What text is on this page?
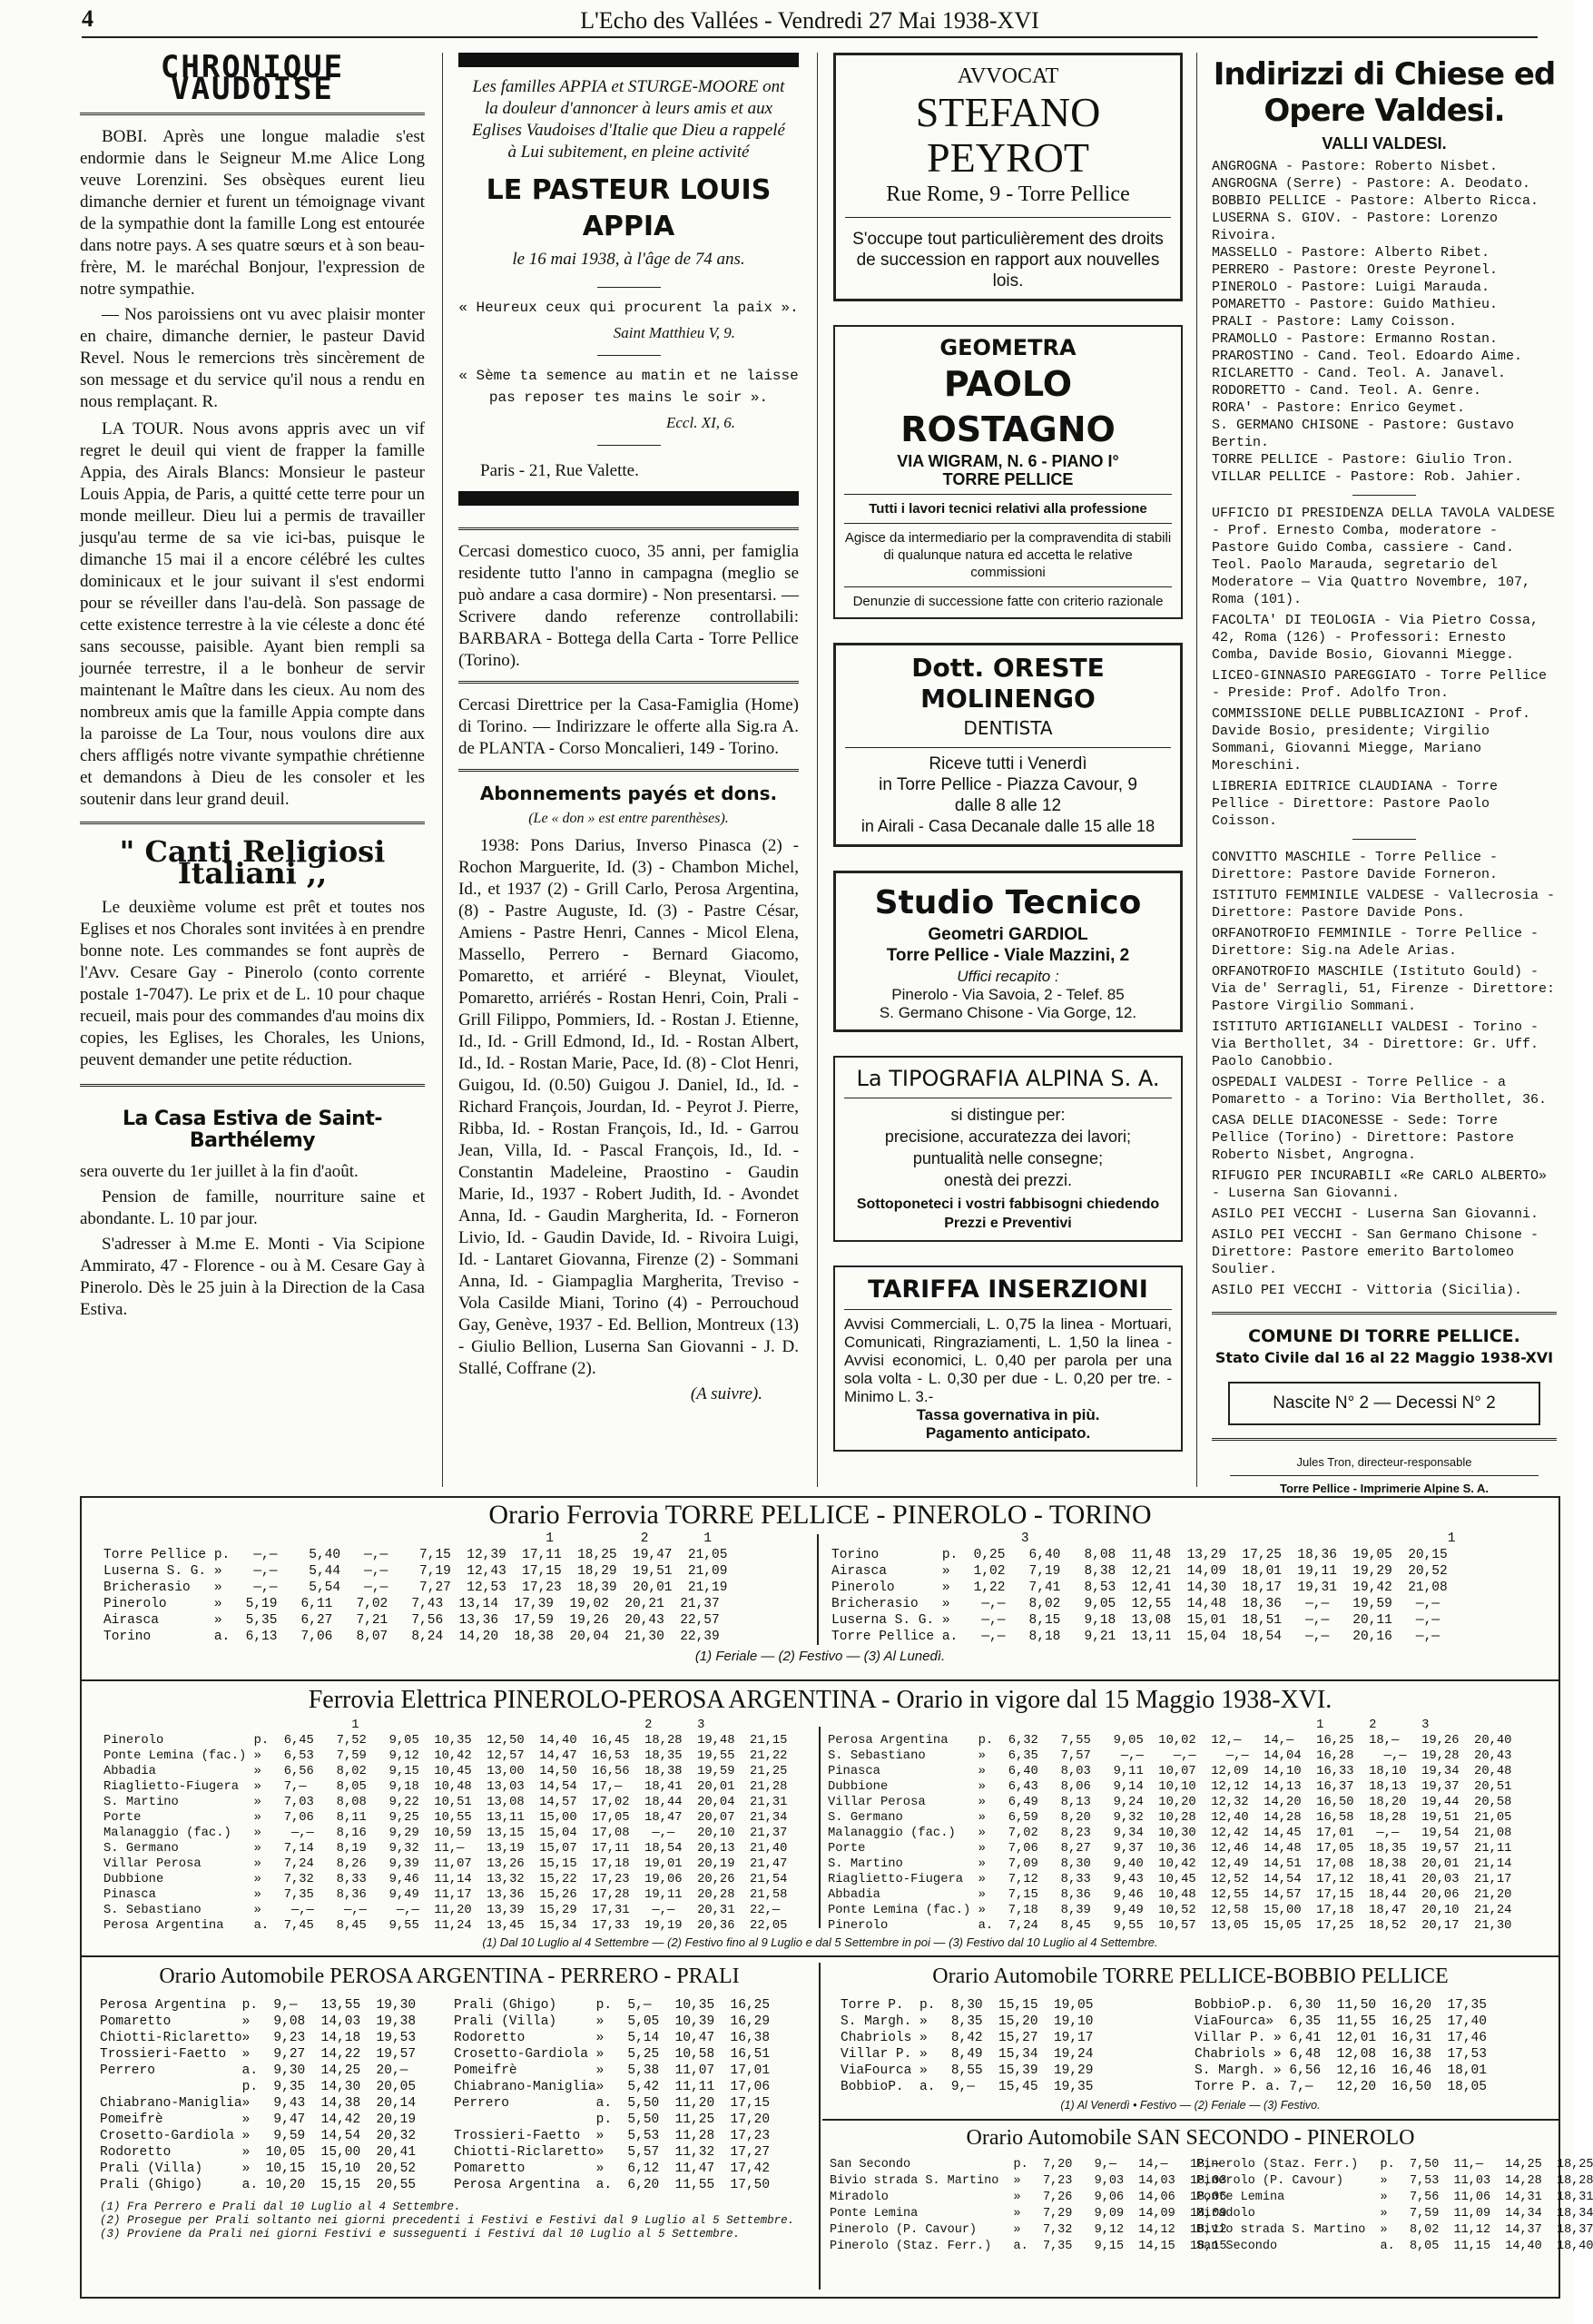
4	L'Echo des Vallées - Vendredi 27 Mai 1938-XVI
CHRONIQUE VAUDOISE

BOBI. Après une longue maladie s'est endormie dans le Seigneur M.me Alice Long veuve Lorenzini. Ses obsèques eurent lieu dimanche dernier et furent un témoignage vivant de la sympathie dont la famille Long est entourée dans notre pays. A ses quatre sœurs et à son beau-frère, M. le maréchal Bonjour, l'expression de notre sympathie.

— Nos paroissiens ont vu avec plaisir monter en chaire, dimanche dernier, le pasteur David Revel. Nous le remercions très sincèrement de son message et du service qu'il nous a rendu en nous remplaçant. R.

LA TOUR. Nous avons appris avec un vif regret le deuil qui vient de frapper la famille Appia, des Airals Blancs: Monsieur le pasteur Louis Appia, de Paris, a quitté cette terre pour un monde meilleur. Dieu lui a permis de travailler jusqu'au terme de sa vie ici-bas, puisque le dimanche 15 mai il a encore célébré les cultes dominicaux et le jour suivant il s'est endormi pour se réveiller dans l'au-delà. Son passage de cette existence terrestre à la vie céleste a donc été sans secousse, paisible. Ayant bien rempli sa journée terrestre, il a le bonheur de servir maintenant le Maître dans les cieux. Au nom des nombreux amis que la famille Appia compte dans la paroisse de La Tour, nous voulons dire aux chers affligés notre vivante sympathie chrétienne et demandons à Dieu de les consoler et les soutenir dans leur grand deuil.

" Canti Religiosi Italiani ,,

Le deuxième volume est prêt et toutes nos Eglises et nos Chorales sont invitées à en prendre bonne note. Les commandes se font auprès de l'Avv. Cesare Gay - Pinerolo (conto corrente postale 1-7047). Le prix et de L. 10 pour chaque recueil, mais pour des commandes d'au moins dix copies, les Eglises, les Chorales, les Unions, peuvent demander une petite réduction.

La Casa Estiva de Saint-Barthélemy

sera ouverte du 1er juillet à la fin d'août.

Pension de famille, nourriture saine et abondante. L. 10 par jour.

S'adresser à M.me E. Monti - Via Scipione Ammirato, 47 - Florence - ou à M. Cesare Gay à Pinerolo. Dès le 25 juin à la Direction de la Casa Estiva.

Les familles APPIA et STURGE-MOORE ont la douleur d'annoncer à leurs amis et aux Eglises Vaudoises d'Italie que Dieu a rappelé à Lui subitement, en pleine activité

LE PASTEUR LOUIS APPIA

le 16 mai 1938, à l'âge de 74 ans.

« Heureux ceux qui procurent la paix ».

Saint Matthieu V, 9.

« Sème ta semence au matin et ne laisse pas reposer tes mains le soir ».

Eccl. XI, 6.

Paris - 21, Rue Valette.

Cercasi domestico cuoco, 35 anni, per famiglia residente tutto l'anno in campagna (meglio se può andare a casa dormire) - Non presentarsi. — Scrivere dando referenze controllabili: BARBARA - Bottega della Carta - Torre Pellice (Torino).

Cercasi Direttrice per la Casa-Famiglia (Home) di Torino. — Indirizzare le offerte alla Sig.ra A. de PLANTA - Corso Moncalieri, 149 - Torino.

Abonnements payés et dons.

(Le « don » est entre parenthèses).

1938: Pons Darius, Inverso Pinasca (2) - Rochon Marguerite, Id. (3) - Chambon Michel, Id., et 1937 (2) - Grill Carlo, Perosa Argentina, (8) - Pastre Auguste, Id. (3) - Pastre César, Amiens - Pastre Henri, Cannes - Micol Elena, Massello, Perrero - Bernard Giacomo, Pomaretto, et arriéré - Bleynat, Vioulet, Pomaretto, arriérés - Rostan Henri, Coin, Prali - Grill Filippo, Pommiers, Id. - Rostan J. Etienne, Id., Id. - Grill Edmond, Id., Id. - Rostan Albert, Id., Id. - Rostan Marie, Pace, Id. (8) - Clot Henri, Guigou, Id. (0.50) Guigou J. Daniel, Id., Id. - Richard François, Jourdan, Id. - Peyrot J. Pierre, Ribba, Id. - Rostan François, Id., Id. - Garrou Jean, Villa, Id. - Pascal François, Id., Id. - Constantin Madeleine, Praostino - Gaudin Marie, Id., 1937 - Robert Judith, Id. - Avondet Anna, Id. - Gaudin Margherita, Id. - Forneron Livio, Id. - Gaudin Davide, Id. - Rivoira Luigi, Id. - Lantaret Giovanna, Firenze (2) - Sommani Anna, Id. - Giampaglia Margherita, Treviso - Vola Casilde Miani, Torino (4) - Perrouchoud Gay, Genève, 1937 - Ed. Bellion, Montreux (13) - Giulio Bellion, Luserna San Giovanni - J. D. Stallé, Coffrane (2).

(A suivre).

AVVOCAT
STEFANO PEYROT
Rue Rome, 9 - Torre Pellice
S'occupe tout particulièrement des droits de succession en rapport aux nouvelles lois.
GEOMETRA
PAOLO ROSTAGNO
VIA WIGRAM, N. 6 - PIANO I°
TORRE PELLICE
Tutti i lavori tecnici relativi alla professione
Agisce da intermediario per la compravendita di stabili di qualunque natura ed accetta le relative commissioni
Denunzie di successione fatte con criterio razionale
Dott. ORESTE MOLINENGO
DENTISTA
Riceve tutti i Venerdì
in Torre Pellice - Piazza Cavour, 9
dalle 8 alle 12
in Airali - Casa Decanale dalle 15 alle 18
Studio Tecnico
Geometri GARDIOL
Torre Pellice - Viale Mazzini, 2
Uffici recapito :
Pinerolo - Via Savoia, 2 - Telef. 85
S. Germano Chisone - Via Gorge, 12.
La TIPOGRAFIA ALPINA S. A.
si distingue per:
precisione, accuratezza dei lavori;
puntualità nelle consegne;
onestà dei prezzi.
Sottoponeteci i vostri fabbisogni chiedendo Prezzi e Preventivi
TARIFFA INSERZIONI
Avvisi Commerciali, L. 0,75 la linea - Mortuari, Comunicati, Ringraziamenti, L. 1,50 la linea - Avvisi economici, L. 0,40 per parola per una sola volta - L. 0,30 per due - L. 0,20 per tre. - Minimo L. 3.-
Tassa governativa in più.
Pagamento anticipato.
Indirizzi di Chiese ed Opere Valdesi.
VALLI VALDESI.
ANGROGNA - Pastore: Roberto Nisbet.
ANGROGNA (Serre) - Pastore: A. Deodato.
BOBBIO PELLICE - Pastore: Alberto Ricca.
LUSERNA S. GIOV. - Pastore: Lorenzo Rivoira.
MASSELLO - Pastore: Alberto Ribet.
PERRERO - Pastore: Oreste Peyronel.
PINEROLO - Pastore: Luigi Marauda.
POMARETTO - Pastore: Guido Mathieu.
PRALI - Pastore: Lamy Coisson.
PRAMOLLO - Pastore: Ermanno Rostan.
PRAROSTINO - Cand. Teol. Edoardo Aime.
RICLARETTO - Cand. Teol. A. Janavel.
RODORETTO - Cand. Teol. A. Genre.
RORA' - Pastore: Enrico Geymet.
S. GERMANO CHISONE - Pastore: Gustavo Bertin.
TORRE PELLICE - Pastore: Giulio Tron.
VILLAR PELLICE - Pastore: Rob. Jahier.
UFFICIO DI PRESIDENZA DELLA TAVOLA VALDESE - Prof. Ernesto Comba, moderatore - Pastore Guido Comba, cassiere - Cand. Teol. Paolo Marauda, segretario del Moderatore — Via Quattro Novembre, 107, Roma (101).
FACOLTA' DI TEOLOGIA - Via Pietro Cossa, 42, Roma (126) - Professori: Ernesto Comba, Davide Bosio, Giovanni Miegge.
LICEO-GINNASIO PAREGGIATO - Torre Pellice - Preside: Prof. Adolfo Tron.
COMMISSIONE DELLE PUBBLICAZIONI - Prof. Davide Bosio, presidente; Virgilio Sommani, Giovanni Miegge, Mariano Moreschini.
LIBRERIA EDITRICE CLAUDIANA - Torre Pellice - Direttore: Pastore Paolo Coisson.
CONVITTO MASCHILE - Torre Pellice - Direttore: Pastore Davide Forneron.
ISTITUTO FEMMINILE VALDESE - Vallecrosia - Direttore: Pastore Davide Pons.
ORFANOTROFIO FEMMINILE - Torre Pellice - Direttore: Sig.na Adele Arias.
ORFANOTROFIO MASCHILE (Istituto Gould) - Via de' Serragli, 51, Firenze - Direttore: Pastore Virgilio Sommani.
ISTITUTO ARTIGIANELLI VALDESI - Torino - Via Berthollet, 34 - Direttore: Gr. Uff. Paolo Canobbio.
OSPEDALI VALDESI - Torre Pellice - a Pomaretto - a Torino: Via Berthollet, 36.
CASA DELLE DIACONESSE - Sede: Torre Pellice (Torino) - Direttore: Pastore Roberto Nisbet, Angrogna.
RIFUGIO PER INCURABILI «Re CARLO ALBERTO» - Luserna San Giovanni.
ASILO PEI VECCHI - Luserna San Giovanni.
ASILO PEI VECCHI - San Germano Chisone - Direttore: Pastore emerito Bartolomeo Soulier.
ASILO PEI VECCHI - Vittoria (Sicilia).
COMUNE DI TORRE PELLICE.
Stato Civile dal 16 al 22 Maggio 1938-XVI
Nascite N° 2 — Decessi N° 2
Jules Tron, directeur-responsable
Torre Pellice - Imprimerie Alpine S. A.
Orario Ferrovia TORRE PELLICE - PINEROLO - TORINO
1           2       1
Torre Pellice p.   —,—    5,40   —,—    7,15  12,39  17,11  18,25  19,47  21,05
Luserna S. G. »    —,—    5,44   —,—    7,19  12,43  17,15  18,29  19,51  21,09
Bricherasio   »    —,—    5,54   —,—    7,27  12,53  17,23  18,39  20,01  21,19
Pinerolo      »   5,19   6,11   7,02   7,43  13,14  17,39  19,02  20,21  21,37
Airasca       »   5,35   6,27   7,21   7,56  13,36  17,59  19,26  20,43  22,57
Torino        a.  6,13   7,06   8,07   8,24  14,20  18,38  20,04  21,30  22,39
3                                                     1
Torino        p.  0,25   6,40   8,08  11,48  13,29  17,25  18,36  19,05  20,15
Airasca       »   1,02   7,19   8,38  12,21  14,09  18,01  19,11  19,29  20,52
Pinerolo      »   1,22   7,41   8,53  12,41  14,30  18,17  19,31  19,42  21,08
Bricherasio   »    —,—   8,02   9,05  12,55  14,48  18,36   —,—   19,59   —,—
Luserna S. G. »    —,—   8,15   9,18  13,08  15,01  18,51   —,—   20,11   —,—
Torre Pellice a.   —,—   8,18   9,21  13,11  15,04  18,54   —,—   20,16   —,—
(1) Feriale — (2) Festivo — (3) Al Lunedì.
Ferrovia Elettrica PINEROLO-PEROSA ARGENTINA - Orario in vigore dal 15 Maggio 1938-XVI.
1                                      2      3
Pinerolo            p.  6,45   7,52   9,05  10,35  12,50  14,40  16,45  18,28  19,48  21,15
Ponte Lemina (fac.) »   6,53   7,59   9,12  10,42  12,57  14,47  16,53  18,35  19,55  21,22
Abbadia             »   6,56   8,02   9,15  10,45  13,00  14,50  16,56  18,38  19,59  21,25
Riaglietto-Fiugera  »   7,—    8,05   9,18  10,48  13,03  14,54  17,—   18,41  20,01  21,28
S. Martino          »   7,03   8,08   9,22  10,51  13,08  14,57  17,02  18,44  20,04  21,31
Porte               »   7,06   8,11   9,25  10,55  13,11  15,00  17,05  18,47  20,07  21,34
Malanaggio (fac.)   »    —,—   8,16   9,29  10,59  13,15  15,04  17,08   —,—   20,10  21,37
S. Germano          »   7,14   8,19   9,32  11,—   13,19  15,07  17,11  18,54  20,13  21,40
Villar Perosa       »   7,24   8,26   9,39  11,07  13,26  15,15  17,18  19,01  20,19  21,47
Dubbione            »   7,32   8,33   9,46  11,14  13,32  15,22  17,23  19,06  20,26  21,54
Pinasca             »   7,35   8,36   9,49  11,17  13,36  15,26  17,28  19,11  20,28  21,58
S. Sebastiano       »    —,—    —,—    —,—  11,20  13,39  15,29  17,31   —,—   20,31  22,—
Perosa Argentina    a.  7,45   8,45   9,55  11,24  13,45  15,34  17,33  19,19  20,36  22,05
1      2      3
Perosa Argentina    p.  6,32   7,55   9,05  10,02  12,—   14,—   16,25  18,—   19,26  20,40
S. Sebastiano       »   6,35   7,57    —,—    —,—    —,—  14,04  16,28    —,—  19,28  20,43
Pinasca             »   6,40   8,03   9,11  10,07  12,09  14,10  16,33  18,10  19,34  20,48
Dubbione            »   6,43   8,06   9,14  10,10  12,12  14,13  16,37  18,13  19,37  20,51
Villar Perosa       »   6,49   8,13   9,24  10,20  12,32  14,20  16,50  18,20  19,44  20,58
S. Germano          »   6,59   8,20   9,32  10,28  12,40  14,28  16,58  18,28  19,51  21,05
Malanaggio (fac.)   »   7,02   8,23   9,34  10,30  12,42  14,45  17,01   —,—   19,54  21,08
Porte               »   7,06   8,27   9,37  10,36  12,46  14,48  17,05  18,35  19,57  21,11
S. Martino          »   7,09   8,30   9,40  10,42  12,49  14,51  17,08  18,38  20,01  21,14
Riaglietto-Fiugera  »   7,12   8,33   9,43  10,45  12,52  14,54  17,12  18,41  20,03  21,17
Abbadia             »   7,15   8,36   9,46  10,48  12,55  14,57  17,15  18,44  20,06  21,20
Ponte Lemina (fac.) »   7,18   8,39   9,49  10,52  12,58  15,00  17,18  18,47  20,10  21,24
Pinerolo            a.  7,24   8,45   9,55  10,57  13,05  15,05  17,25  18,52  20,17  21,30
(1) Dal 10 Luglio al 4 Settembre — (2) Festivo fino al 9 Luglio e dal 5 Settembre in poi — (3) Festivo dal 10 Luglio al 4 Settembre.
Orario Automobile PEROSA ARGENTINA - PERRERO - PRALI
Perosa Argentina  p.  9,—   13,55  19,30
Pomaretto         »   9,08  14,03  19,38
Chiotti-Riclaretto»   9,23  14,18  19,53
Trossieri-Faetto  »   9,27  14,22  19,57
Perrero           a.  9,30  14,25  20,—
p.  9,35  14,30  20,05
Chiabrano-Maniglia»   9,43  14,38  20,14
Pomeifrè          »   9,47  14,42  20,19
Crosetto-Gardiola »   9,59  14,54  20,32
Rodoretto         »  10,05  15,00  20,41
Prali (Villa)     »  10,15  15,10  20,52
Prali (Ghigo)     a. 10,20  15,15  20,55
Prali (Ghigo)     p.  5,—   10,35  16,25
Prali (Villa)     »   5,05  10,39  16,29
Rodoretto         »   5,14  10,47  16,38
Crosetto-Gardiola »   5,25  10,58  16,51
Pomeifrè          »   5,38  11,07  17,01
Chiabrano-Maniglia»   5,42  11,11  17,06
Perrero           a.  5,50  11,20  17,15
p.  5,50  11,25  17,20
Trossieri-Faetto  »   5,53  11,28  17,23
Chiotti-Riclaretto»   5,57  11,32  17,27
Pomaretto         »   6,12  11,47  17,42
Perosa Argentina  a.  6,20  11,55  17,50
(1) Fra Perrero e Prali dal 10 Luglio al 4 Settembre.
(2) Prosegue per Prali soltanto nei giorni precedenti i Festivi e Festivi dal 9 Luglio al 5 Settembre.
(3) Proviene da Prali nei giorni Festivi e susseguenti i Festivi dal 10 Luglio al 5 Settembre.
Orario Automobile TORRE PELLICE-BOBBIO PELLICE
Torre P.  p.  8,30  15,15  19,05
S. Margh. »   8,35  15,20  19,10
Chabriols »   8,42  15,27  19,17
Villar P. »   8,49  15,34  19,24
ViaFourca »   8,55  15,39  19,29
BobbioP.  a.  9,—   15,45  19,35
BobbioP.p.  6,30  11,50  16,20  17,35
ViaFourca»  6,35  11,55  16,25  17,40
Villar P. » 6,41  12,01  16,31  17,46
Chabriols » 6,48  12,08  16,38  17,53
S. Margh. » 6,56  12,16  16,46  18,01
Torre P. a. 7,—   12,20  16,50  18,05
(1) Al Venerdì • Festivo — (2) Feriale — (3) Festivo.
Orario Automobile SAN SECONDO - PINEROLO
San Secondo              p.  7,20   9,—   14,—   18,—
Bivio strada S. Martino  »   7,23   9,03  14,03  18,03
Miradolo                 »   7,26   9,06  14,06  18,06
Ponte Lemina             »   7,29   9,09  14,09  18,09
Pinerolo (P. Cavour)     »   7,32   9,12  14,12  18,12
Pinerolo (Staz. Ferr.)   a.  7,35   9,15  14,15  18,15
Pinerolo (Staz. Ferr.)   p.  7,50  11,—   14,25  18,25
Pinerolo (P. Cavour)     »   7,53  11,03  14,28  18,28
Ponte Lemina             »   7,56  11,06  14,31  18,31
Miradolo                 »   7,59  11,09  14,34  18,34
Bivio strada S. Martino  »   8,02  11,12  14,37  18,37
San Secondo              a.  8,05  11,15  14,40  18,40
